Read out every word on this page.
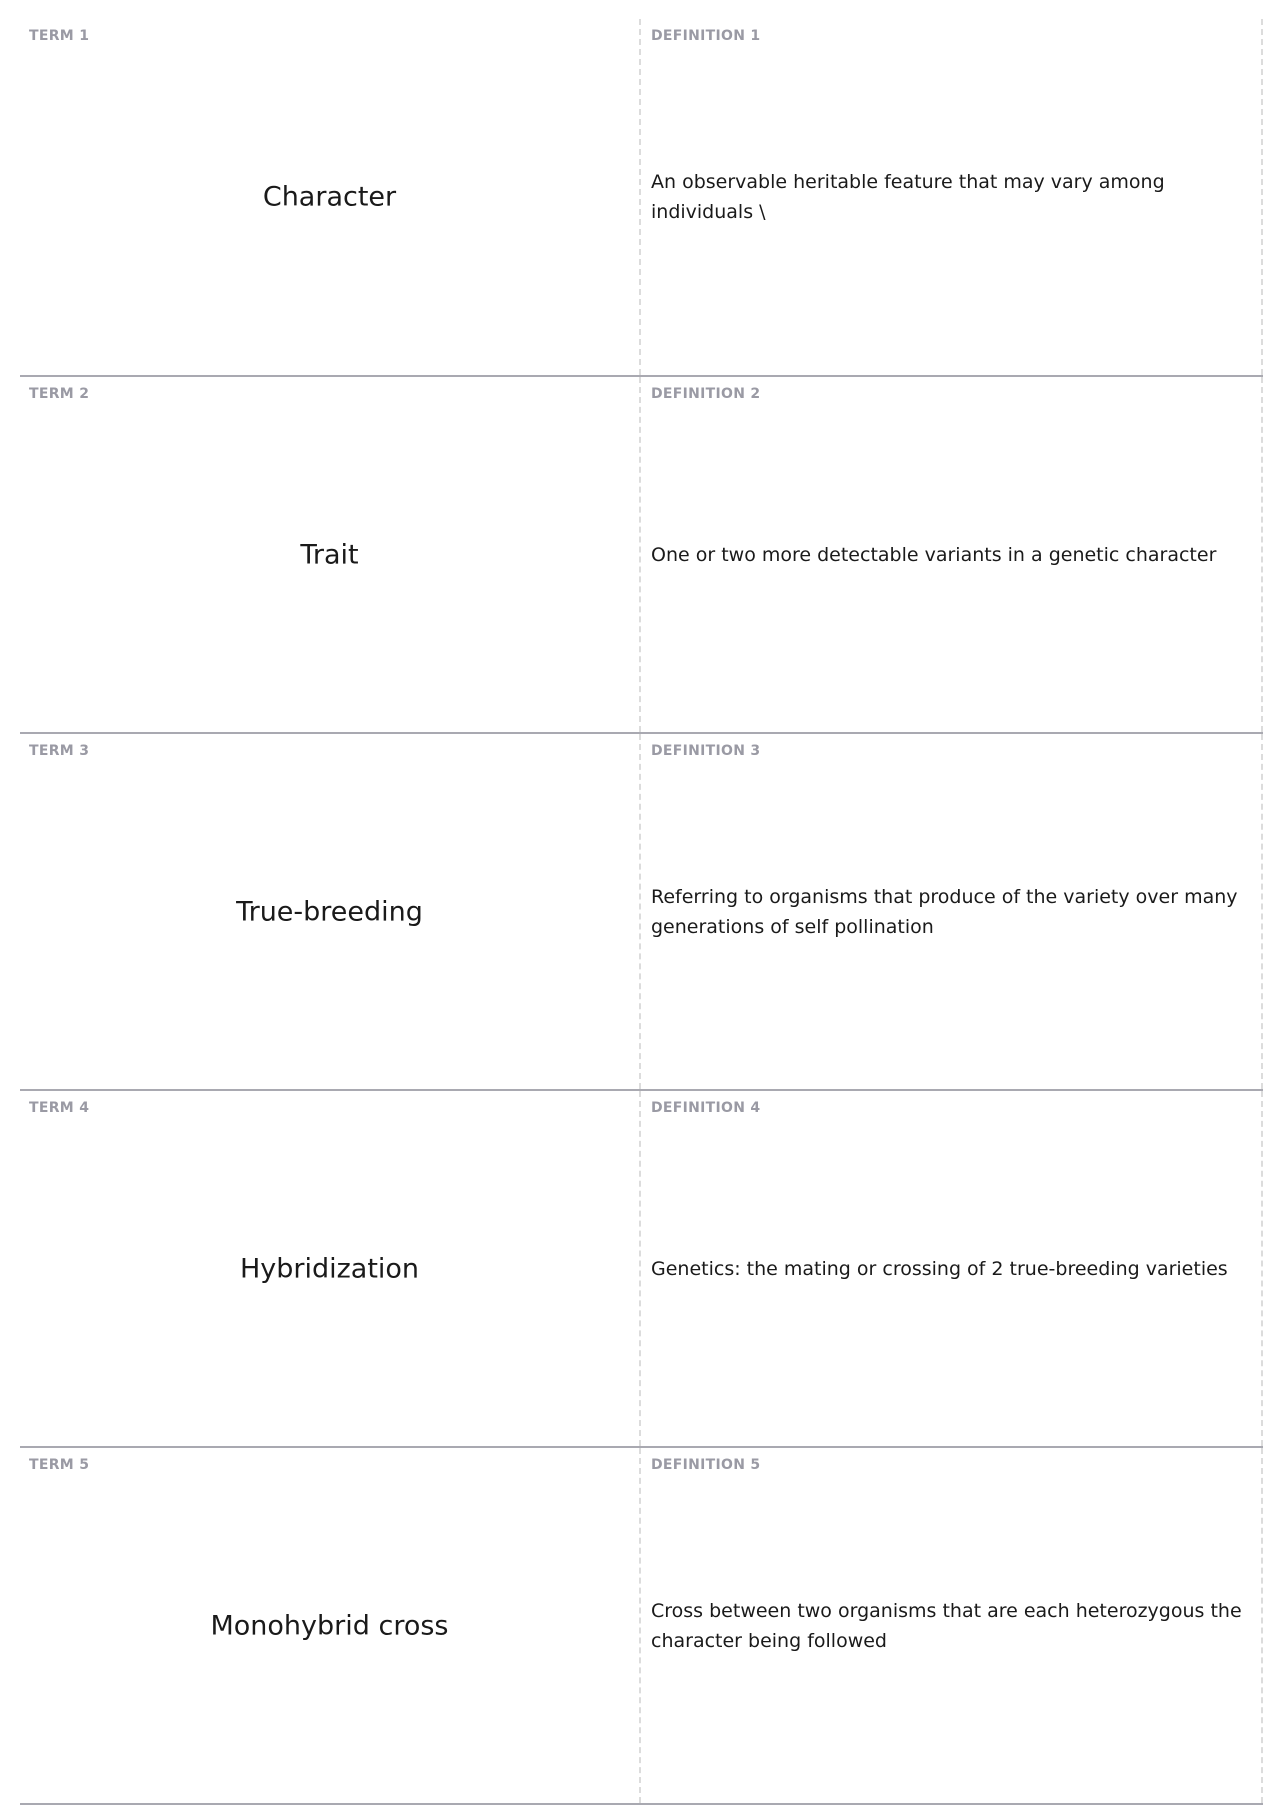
TERM 1
Character
DEFINITION 1
An observable heritable feature that may vary among individuals \
TERM 2
Trait
DEFINITION 2
One or two more detectable variants in a genetic character
TERM 3
True-breeding
DEFINITION 3
Referring to organisms that produce of the variety over many generations of self pollination
TERM 4
Hybridization
DEFINITION 4
Genetics: the mating or crossing of 2 true-breeding varieties
TERM 5
Monohybrid cross
DEFINITION 5
Cross between two organisms that are each heterozygous the character being followed
